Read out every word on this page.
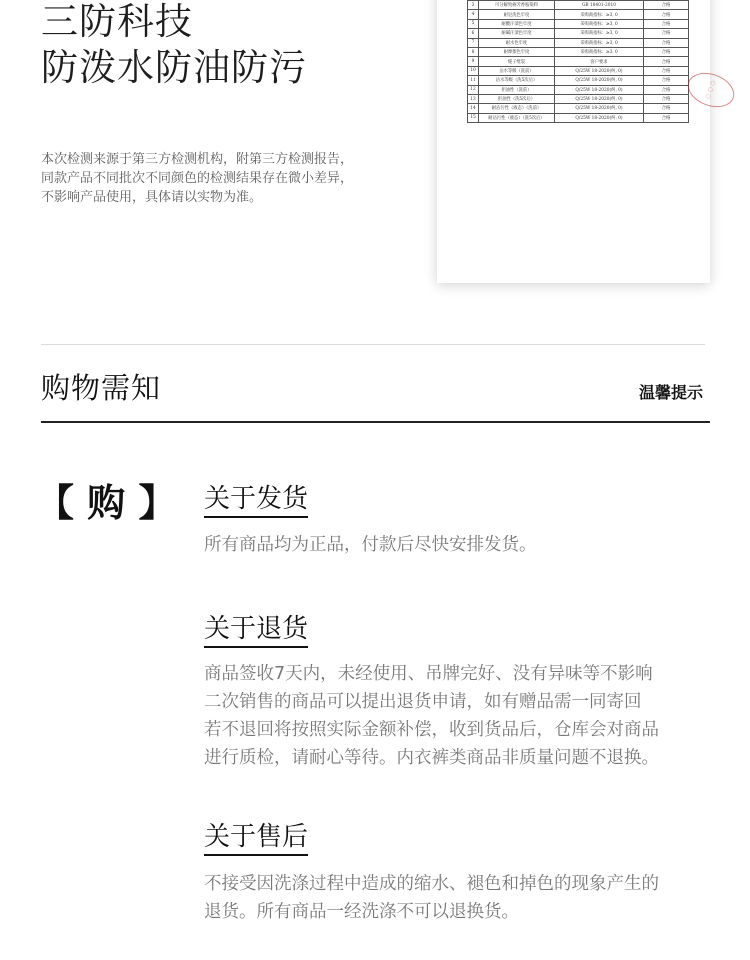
三防科技
防泼水防油防污
本次检测来源于第三方检测机构，附第三方检测报告，
同款产品不同批次不同颜色的检测结果存在微小差异，
不影响产品使用，具体请以实物为准。
3	可分解致癌芳香胺染料	GB 18401-2010	合格
4	耐皂洗色牢度	采购商指标：≥3, 0	合格
5	耐酸汗渍色牢度	采购商指标：≥3, 0	合格
6	耐碱汗渍色牢度	采购商指标：≥3, 0	合格
7	耐水色牢度	采购商指标：≥3, 0	合格
8	耐摩擦色牢度	采购商指标：≥3, 0	合格
9	缝子纰裂	客户要求	合格
10	沾水等级（洗前）	Q/25W 18-2020(纠, 0)	合格
11	沾水等级（洗5次后）	Q/25W 18-2020(纠, 0)	合格
12	拒油性（洗前）	Q/25W 18-2020(纠, 0)	合格
13	拒油性（洗5次后）	Q/25W 18-2020(纠, 0)	合格
14	耐沾污性（液态）（洗前）	Q/25W 18-2020(纠, 0)	合格
15	耐沾污性（液态）（洗5次后）	Q/25W 18-2020(纠, 0)	合格
◌ ◌ ◌
购物需知	温馨提示
【 购 】 关于发货
所有商品均为正品，付款后尽快安排发货。
关于退货
商品签收7天内，未经使用、吊牌完好、没有异味等不影响
二次销售的商品可以提出退货申请，如有赠品需一同寄回
若不退回将按照实际金额补偿，收到货品后，仓库会对商品
进行质检，请耐心等待。内衣裤类商品非质量问题不退换。
关于售后
不接受因洗涤过程中造成的缩水、褪色和掉色的现象产生的
退货。所有商品一经洗涤不可以退换货。
